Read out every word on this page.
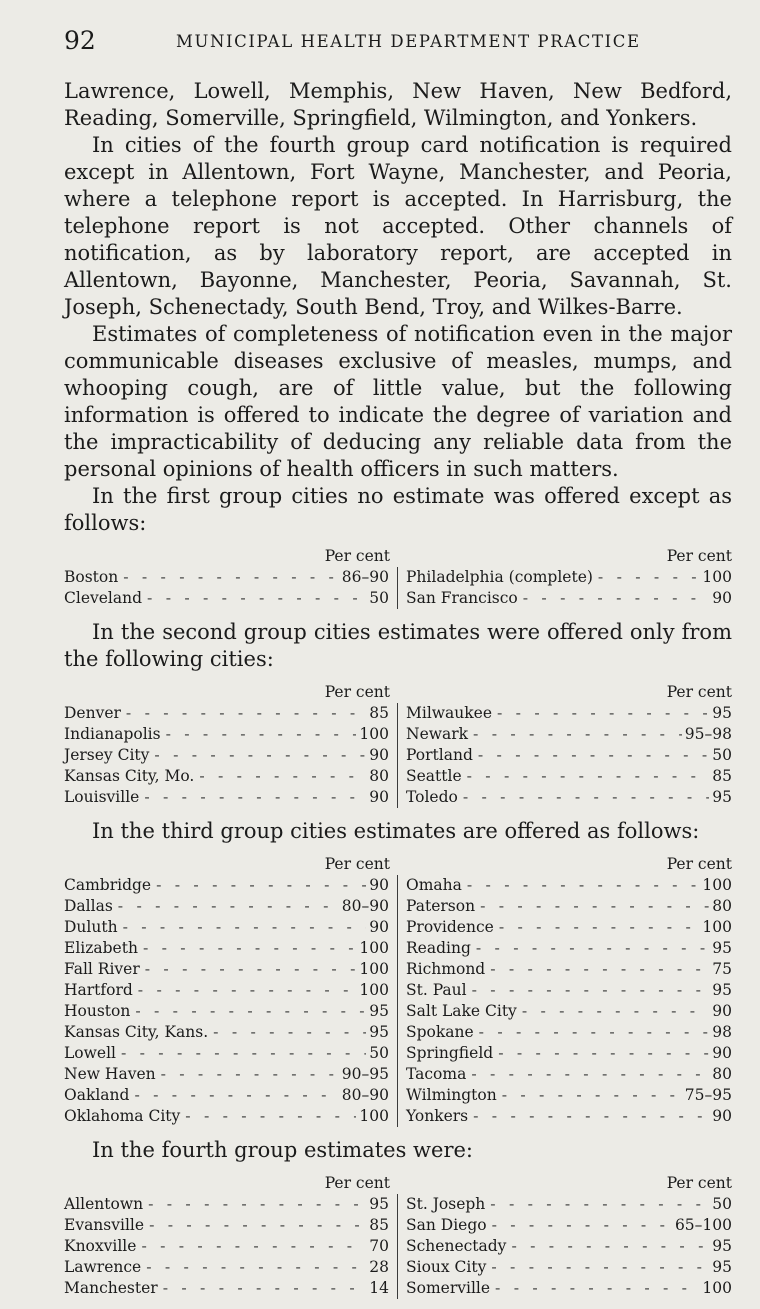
92	MUNICIPAL HEALTH DEPARTMENT PRACTICE

Lawrence, Lowell, Memphis, New Haven, New Bedford, Reading, Somerville, Springfield, Wilmington, and Yonkers.

In cities of the fourth group card notification is required except in Allentown, Fort Wayne, Manchester, and Peoria, where a telephone report is accepted. In Harrisburg, the telephone report is not accepted. Other channels of notification, as by laboratory report, are accepted in Allentown, Bayonne, Manchester, Peoria, Savannah, St. Joseph, Schenectady, South Bend, Troy, and Wilkes-Barre.

Estimates of completeness of notification even in the major communicable diseases exclusive of measles, mumps, and whooping cough, are of little value, but the following information is offered to indicate the degree of variation and the impracticability of deducing any reliable data from the personal opinions of health officers in such matters.

In the first group cities no estimate was offered except as follows:

Per cent	Per cent
Boston - - -	86–90 Philadelphia (complete) - - -	100
Cleveland - - -	50 San Francisco - - -	90

In the second group cities estimates were offered only from the following cities:

Per cent	Per cent
Denver - - -	85 Milwaukee - - -	95
Indianapolis - - -	100 Newark - - -	95–98
Jersey City - - -	90 Portland - - -	50
Kansas City, Mo. - - -	80 Seattle - - -	85
Louisville - - -	90 Toledo - - -	95

In the third group cities estimates are offered as follows:

Per cent	Per cent
Cambridge - - -	90 Omaha - - -	100
Dallas - - -	80–90 Paterson - - -	80
Duluth - - -	90 Providence - - -	100
Elizabeth - - -	100 Reading - - -	95
Fall River - - -	100 Richmond - - -	75
Hartford - - -	100 St. Paul - - -	95
Houston - - -	95 Salt Lake City - - -	90
Kansas City, Kans. - - -	95 Spokane - - -	98
Lowell - - -	50 Springfield - - -	90
New Haven - - -	90–95 Tacoma - - -	80
Oakland - - -	80–90 Wilmington - - -	75–95
Oklahoma City - - -	100 Yonkers - - -	90

In the fourth group estimates were:

Per cent	Per cent
Allentown - - -	95 St. Joseph - - -	50
Evansville - - -	85 San Diego - - -	65–100
Knoxville - - -	70 Schenectady - - -	95
Lawrence - - -	28 Sioux City - - -	95
Manchester - - -	14 Somerville - - -	100
